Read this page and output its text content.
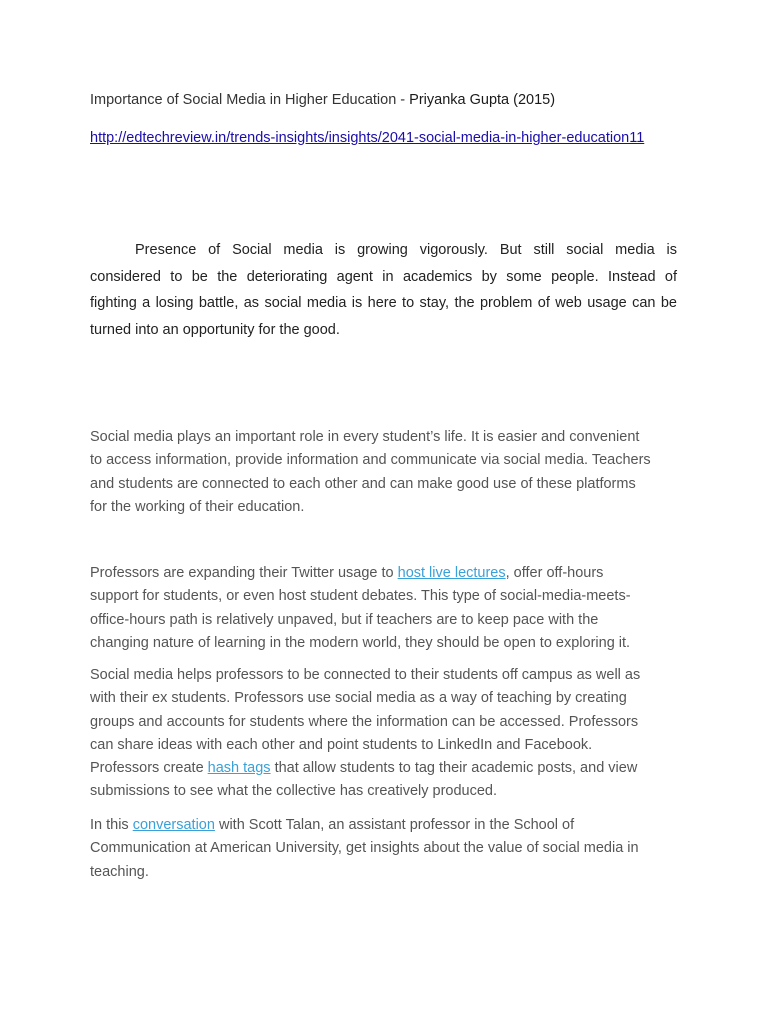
Importance of Social Media in Higher Education - Priyanka Gupta (2015)
http://edtechreview.in/trends-insights/insights/2041-social-media-in-higher-education11
Presence of Social media is growing vigorously. But still social media is
considered to be the deteriorating agent in academics by some people. Instead of
fighting a losing battle, as social media is here to stay, the problem of web usage can be
turned into an opportunity for the good.
Social media plays an important role in every student’s life. It is easier and convenient
to access information, provide information and communicate via social media. Teachers
and students are connected to each other and can make good use of these platforms
for the working of their education.
Professors are expanding their Twitter usage to host live lectures, offer off-hours
support for students, or even host student debates. This type of social-media-meets-
office-hours path is relatively unpaved, but if teachers are to keep pace with the
changing nature of learning in the modern world, they should be open to exploring it.
Social media helps professors to be connected to their students off campus as well as
with their ex students. Professors use social media as a way of teaching by creating
groups and accounts for students where the information can be accessed. Professors
can share ideas with each other and point students to LinkedIn and Facebook.
Professors create hash tags that allow students to tag their academic posts, and view
submissions to see what the collective has creatively produced.
In this conversation with Scott Talan, an assistant professor in the School of
Communication at American University, get insights about the value of social media in
teaching.
